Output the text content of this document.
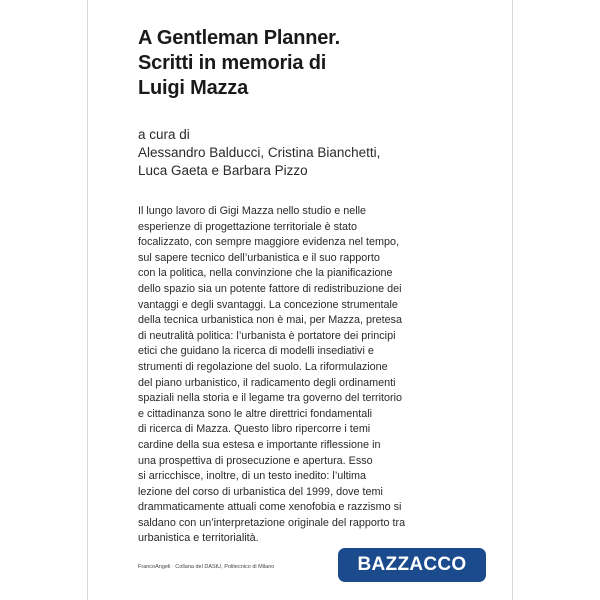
A Gentleman Planner.
Scritti in memoria di
Luigi Mazza
a cura di
Alessandro Balducci, Cristina Bianchetti,
Luca Gaeta e Barbara Pizzo
Il lungo lavoro di Gigi Mazza nello studio e nelle
esperienze di progettazione territoriale è stato
focalizzato, con sempre maggiore evidenza nel tempo,
sul sapere tecnico dell’urbanistica e il suo rapporto
con la politica, nella convinzione che la pianificazione
dello spazio sia un potente fattore di redistribuzione dei
vantaggi e degli svantaggi. La concezione strumentale
della tecnica urbanistica non è mai, per Mazza, pretesa
di neutralità politica: l’urbanista è portatore dei principi
etici che guidano la ricerca di modelli insediativi e
strumenti di regolazione del suolo. La riformulazione
del piano urbanistico, il radicamento degli ordinamenti
spaziali nella storia e il legame tra governo del territorio
e cittadinanza sono le altre direttrici fondamentali
di ricerca di Mazza. Questo libro ripercorre i temi
cardine della sua estesa e importante riflessione in
una prospettiva di prosecuzione e apertura. Esso
si arricchisce, inoltre, di un testo inedito: l’ultima
lezione del corso di urbanistica del 1999, dove temi
drammaticamente attuali come xenofobia e razzismo si
saldano con un’interpretazione originale del rapporto tra
urbanistica e territorialità.
FrancoAngeli · Collana del DAStU, Politecnico di Milano	BAZZACCO
